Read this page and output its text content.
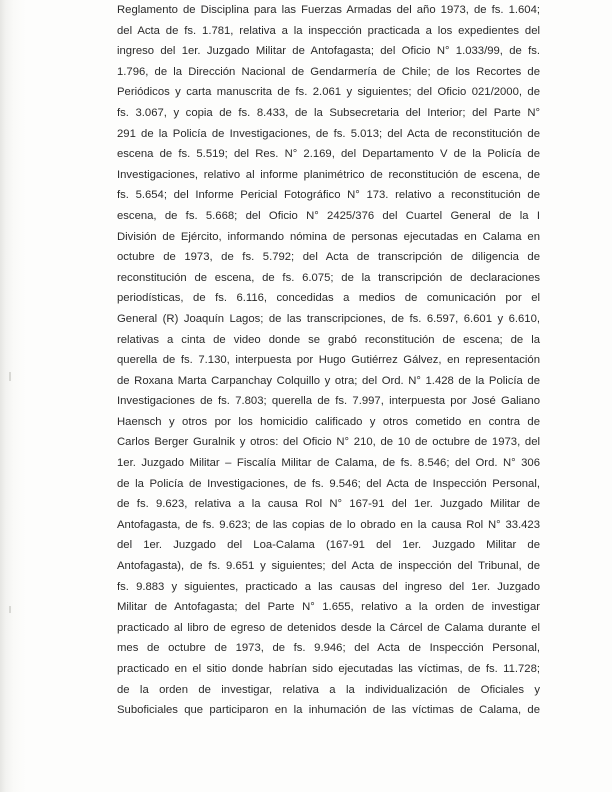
Reglamento de Disciplina para las Fuerzas Armadas del año 1973, de fs. 1.604;
del Acta de fs. 1.781, relativa a la inspección practicada a los expedientes del
ingreso del 1er. Juzgado Militar de Antofagasta; del Oficio N° 1.033/99, de fs.
1.796, de la Dirección Nacional de Gendarmería de Chile; de los Recortes de
Periódicos y carta manuscrita de fs. 2.061 y siguientes; del Oficio 021/2000, de
fs. 3.067, y copia de fs. 8.433, de la Subsecretaria del Interior; del Parte N°
291 de la Policía de Investigaciones, de fs. 5.013; del Acta de reconstitución de
escena de fs. 5.519; del Res. N° 2.169, del Departamento V de la Policía de
Investigaciones, relativo al informe planimétrico de reconstitución de escena, de
fs. 5.654; del Informe Pericial Fotográfico N° 173. relativo a reconstitución de
escena, de fs. 5.668; del Oficio N° 2425/376 del Cuartel General de la I
División de Ejército, informando nómina de personas ejecutadas en Calama en
octubre de 1973, de fs. 5.792; del Acta de transcripción de diligencia de
reconstitución de escena, de fs. 6.075; de la transcripción de declaraciones
periodísticas, de fs. 6.116, concedidas a medios de comunicación por el
General (R) Joaquín Lagos; de las transcripciones, de fs. 6.597, 6.601 y 6.610,
relativas a cinta de video donde se grabó reconstitución de escena; de la
querella de fs. 7.130, interpuesta por Hugo Gutiérrez Gálvez, en representación
de Roxana Marta Carpanchay Colquillo y otra; del Ord. N° 1.428 de la Policía de
Investigaciones de fs. 7.803; querella de fs. 7.997, interpuesta por José Galiano
Haensch y otros por los homicidio calificado y otros cometido en contra de
Carlos Berger Guralnik y otros: del Oficio N° 210, de 10 de octubre de 1973, del
1er. Juzgado Militar – Fiscalía Militar de Calama, de fs. 8.546; del Ord. N° 306
de la Policía de Investigaciones, de fs. 9.546; del Acta de Inspección Personal,
de fs. 9.623, relativa a la causa Rol N° 167-91 del 1er. Juzgado Militar de
Antofagasta, de fs. 9.623; de las copias de lo obrado en la causa Rol N° 33.423
del 1er. Juzgado del Loa-Calama (167-91 del 1er. Juzgado Militar de
Antofagasta), de fs. 9.651 y siguientes; del Acta de inspección del Tribunal, de
fs. 9.883 y siguientes, practicado a las causas del ingreso del 1er. Juzgado
Militar de Antofagasta; del Parte N° 1.655, relativo a la orden de investigar
practicado al libro de egreso de detenidos desde la Cárcel de Calama durante el
mes de octubre de 1973, de fs. 9.946; del Acta de Inspección Personal,
practicado en el sitio donde habrían sido ejecutadas las víctimas, de fs. 11.728;
de la orden de investigar, relativa a la individualización de Oficiales y
Suboficiales que participaron en la inhumación de las víctimas de Calama, de
